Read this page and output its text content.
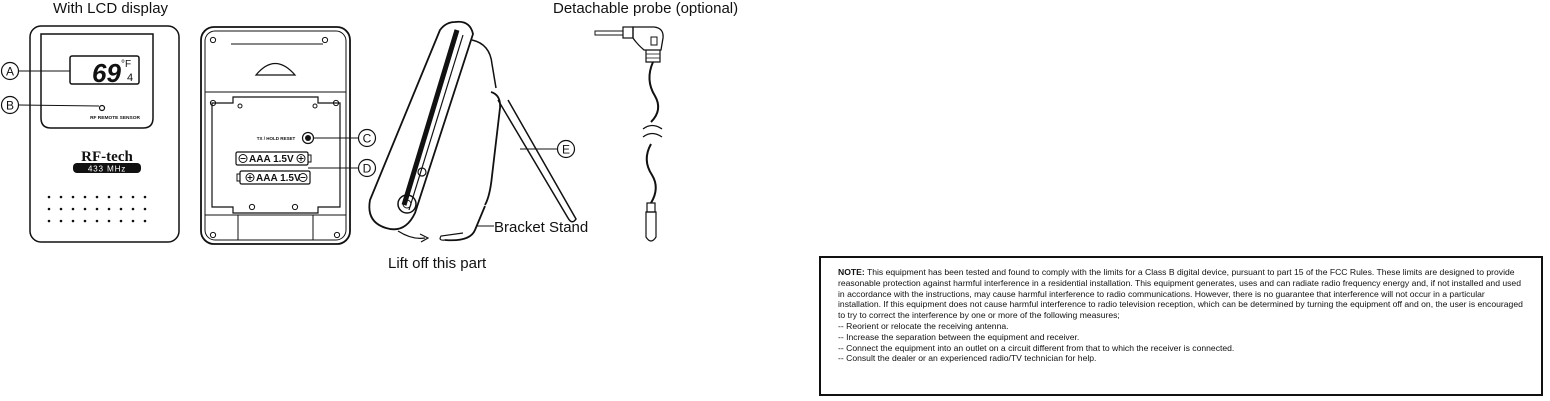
A
B
69 °F
4
RF REMOTE SENSOR
RF-tech
433 MHz
TX / HOLD RESET
AAA 1.5V
AAA 1.5V
C
D
E
With LCD display	Detachable probe (optional)
Lift off this part
Bracket Stand

NOTE: This equipment has been tested and found to comply with the limits for a Class B digital device, pursuant to part 15 of the FCC Rules. These limits are designed to provide reasonable protection against harmful interference in a residential installation. This equipment generates, uses and can radiate radio frequency energy and, if not installed and used in accordance with the instructions, may cause harmful interference to radio communications. However, there is no guarantee that interference will not occur in a particular installation. If this equipment does not cause harmful interference to radio television reception, which can be determined by turning the equipment off and on, the user is encouraged to try to correct the interference by one or more of the following measures;

-- Reorient or relocate the receiving antenna.
-- Increase the separation between the equipment and receiver.
-- Connect the equipment into an outlet on a circuit different from that to which the receiver is connected.
-- Consult the dealer or an experienced radio/TV technician for help.
